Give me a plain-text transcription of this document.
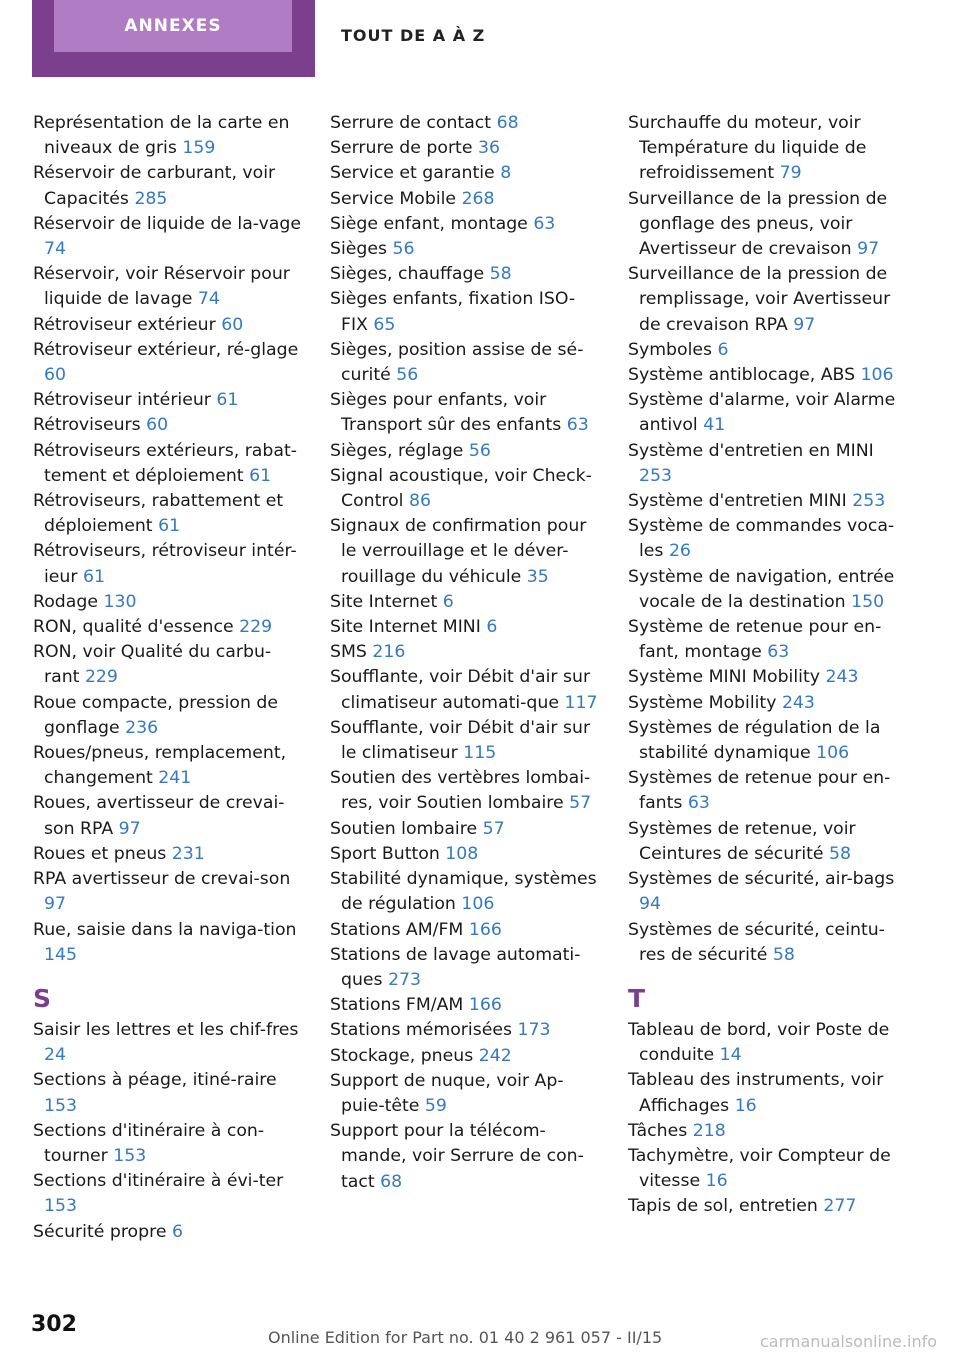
ANNEXES	TOUT DE A À Z

Représentation de la carte en niveaux de gris 159

Réservoir de carburant, voir Capacités 285

Réservoir de liquide de la-vage 74

Réservoir, voir Réservoir pour liquide de lavage 74

Rétroviseur extérieur 60

Rétroviseur extérieur, ré-glage 60

Rétroviseur intérieur 61

Rétroviseurs 60

Rétroviseurs extérieurs, rabat-tement et déploiement 61

Rétroviseurs, rabattement et déploiement 61

Rétroviseurs, rétroviseur intér-ieur 61

Rodage 130

RON, qualité d'essence 229

RON, voir Qualité du carbu-rant 229

Roue compacte, pression de gonflage 236

Roues/pneus, remplacement, changement 241

Roues, avertisseur de crevai-son RPA 97

Roues et pneus 231

RPA avertisseur de crevai-son 97

Rue, saisie dans la naviga-tion 145

S

Saisir les lettres et les chif-fres 24

Sections à péage, itiné-raire 153

Sections d'itinéraire à con-tourner 153

Sections d'itinéraire à évi-ter 153

Sécurité propre 6

Serrure de contact 68

Serrure de porte 36

Service et garantie 8

Service Mobile 268

Siège enfant, montage 63

Sièges 56

Sièges, chauffage 58

Sièges enfants, fixation ISO-FIX 65

Sièges, position assise de sé-curité 56

Sièges pour enfants, voir Transport sûr des enfants 63

Sièges, réglage 56

Signal acoustique, voir Check-Control 86

Signaux de confirmation pour le verrouillage et le déver-rouillage du véhicule 35

Site Internet 6

Site Internet MINI 6

SMS 216

Soufflante, voir Débit d'air sur climatiseur automati-que 117

Soufflante, voir Débit d'air sur le climatiseur 115

Soutien des vertèbres lombai-res, voir Soutien lombaire 57

Soutien lombaire 57

Sport Button 108

Stabilité dynamique, systèmes de régulation 106

Stations AM/FM 166

Stations de lavage automati-ques 273

Stations FM/AM 166

Stations mémorisées 173

Stockage, pneus 242

Support de nuque, voir Ap-puie-tête 59

Support pour la télécom-mande, voir Serrure de con-tact 68

Surchauffe du moteur, voir Température du liquide de refroidissement 79

Surveillance de la pression de gonflage des pneus, voir Avertisseur de crevaison 97

Surveillance de la pression de remplissage, voir Avertisseur de crevaison RPA 97

Symboles 6

Système antiblocage, ABS 106

Système d'alarme, voir Alarme antivol 41

Système d'entretien en MINI 253

Système d'entretien MINI 253

Système de commandes voca-les 26

Système de navigation, entrée vocale de la destination 150

Système de retenue pour en-fant, montage 63

Système MINI Mobility 243

Système Mobility 243

Systèmes de régulation de la stabilité dynamique 106

Systèmes de retenue pour en-fants 63

Systèmes de retenue, voir Ceintures de sécurité 58

Systèmes de sécurité, air-bags 94

Systèmes de sécurité, ceintu-res de sécurité 58

T

Tableau de bord, voir Poste de conduite 14

Tableau des instruments, voir Affichages 16

Tâches 218

Tachymètre, voir Compteur de vitesse 16

Tapis de sol, entretien 277

302
Online Edition for Part no. 01 40 2 961 057 - II/15	carmanualsonline.info
